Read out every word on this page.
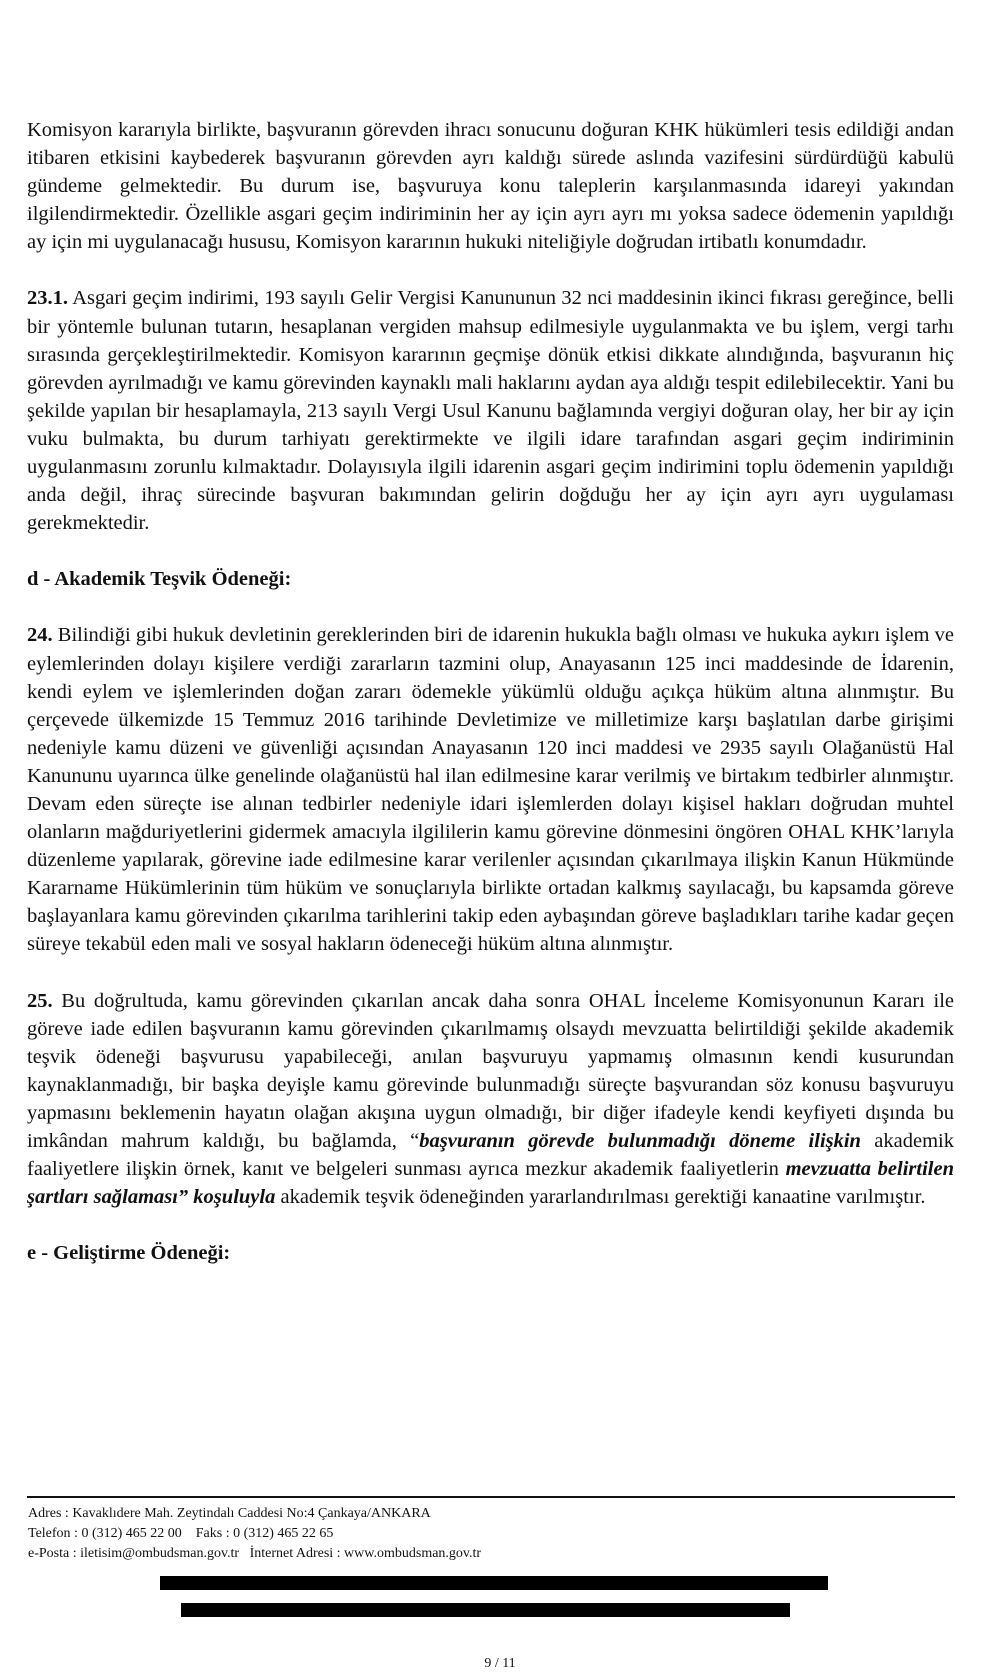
Komisyon kararıyla birlikte, başvuranın görevden ihracı sonucunu doğuran KHK hükümleri tesis edildiği andan itibaren etkisini kaybederek başvuranın görevden ayrı kaldığı sürede aslında vazifesini sürdürdüğü kabulü gündeme gelmektedir. Bu durum ise, başvuruya konu taleplerin karşılanmasında idareyi yakından ilgilendirmektedir. Özellikle asgari geçim indiriminin her ay için ayrı ayrı mı yoksa sadece ödemenin yapıldığı ay için mi uygulanacağı hususu, Komisyon kararının hukuki niteliğiyle doğrudan irtibatlı konumdadır.

23.1. Asgari geçim indirimi, 193 sayılı Gelir Vergisi Kanununun 32 nci maddesinin ikinci fıkrası gereğince, belli bir yöntemle bulunan tutarın, hesaplanan vergiden mahsup edilmesiyle uygulanmakta ve bu işlem, vergi tarhı sırasında gerçekleştirilmektedir. Komisyon kararının geçmişe dönük etkisi dikkate alındığında, başvuranın hiç görevden ayrılmadığı ve kamu görevinden kaynaklı mali haklarını aydan aya aldığı tespit edilebilecektir. Yani bu şekilde yapılan bir hesaplamayla, 213 sayılı Vergi Usul Kanunu bağlamında vergiyi doğuran olay, her bir ay için vuku bulmakta, bu durum tarhiyatı gerektirmekte ve ilgili idare tarafından asgari geçim indiriminin uygulanmasını zorunlu kılmaktadır. Dolayısıyla ilgili idarenin asgari geçim indirimini toplu ödemenin yapıldığı anda değil, ihraç sürecinde başvuran bakımından gelirin doğduğu her ay için ayrı ayrı uygulaması gerekmektedir.

d - Akademik Teşvik Ödeneği:

24. Bilindiği gibi hukuk devletinin gereklerinden biri de idarenin hukukla bağlı olması ve hukuka aykırı işlem ve eylemlerinden dolayı kişilere verdiği zararların tazmini olup, Anayasanın 125 inci maddesinde de İdarenin, kendi eylem ve işlemlerinden doğan zararı ödemekle yükümlü olduğu açıkça hüküm altına alınmıştır. Bu çerçevede ülkemizde 15 Temmuz 2016 tarihinde Devletimize ve milletimize karşı başlatılan darbe girişimi nedeniyle kamu düzeni ve güvenliği açısından Anayasanın 120 inci maddesi ve 2935 sayılı Olağanüstü Hal Kanununu uyarınca ülke genelinde olağanüstü hal ilan edilmesine karar verilmiş ve birtakım tedbirler alınmıştır. Devam eden süreçte ise alınan tedbirler nedeniyle idari işlemlerden dolayı kişisel hakları doğrudan muhtel olanların mağduriyetlerini gidermek amacıyla ilgililerin kamu görevine dönmesini öngören OHAL KHK’larıyla düzenleme yapılarak, görevine iade edilmesine karar verilenler açısından çıkarılmaya ilişkin Kanun Hükmünde Kararname Hükümlerinin tüm hüküm ve sonuçlarıyla birlikte ortadan kalkmış sayılacağı, bu kapsamda göreve başlayanlara kamu görevinden çıkarılma tarihlerini takip eden aybaşından göreve başladıkları tarihe kadar geçen süreye tekabül eden mali ve sosyal hakların ödeneceği hüküm altına alınmıştır.

25. Bu doğrultuda, kamu görevinden çıkarılan ancak daha sonra OHAL İnceleme Komisyonunun Kararı ile göreve iade edilen başvuranın kamu görevinden çıkarılmamış olsaydı mevzuatta belirtildiği şekilde akademik teşvik ödeneği başvurusu yapabileceği, anılan başvuruyu yapmamış olmasının kendi kusurundan kaynaklanmadığı, bir başka deyişle kamu görevinde bulunmadığı süreçte başvurandan söz konusu başvuruyu yapmasını beklemenin hayatın olağan akışına uygun olmadığı, bir diğer ifadeyle kendi keyfiyeti dışında bu imkândan mahrum kaldığı, bu bağlamda, “başvuranın görevde bulunmadığı döneme ilişkin akademik faaliyetlere ilişkin örnek, kanıt ve belgeleri sunması ayrıca mezkur akademik faaliyetlerin mevzuatta belirtilen şartları sağlaması” koşuluyla akademik teşvik ödeneğinden yararlandırılması gerektiği kanaatine varılmıştır.

e - Geliştirme Ödeneği:
Adres : Kavaklıdere Mah. Zeytindalı Caddesi No:4 Çankaya/ANKARA
Telefon : 0 (312) 465 22 00    Faks : 0 (312) 465 22 65
e-Posta : iletisim@ombudsman.gov.tr   İnternet Adresi : www.ombudsman.gov.tr
9 / 11
